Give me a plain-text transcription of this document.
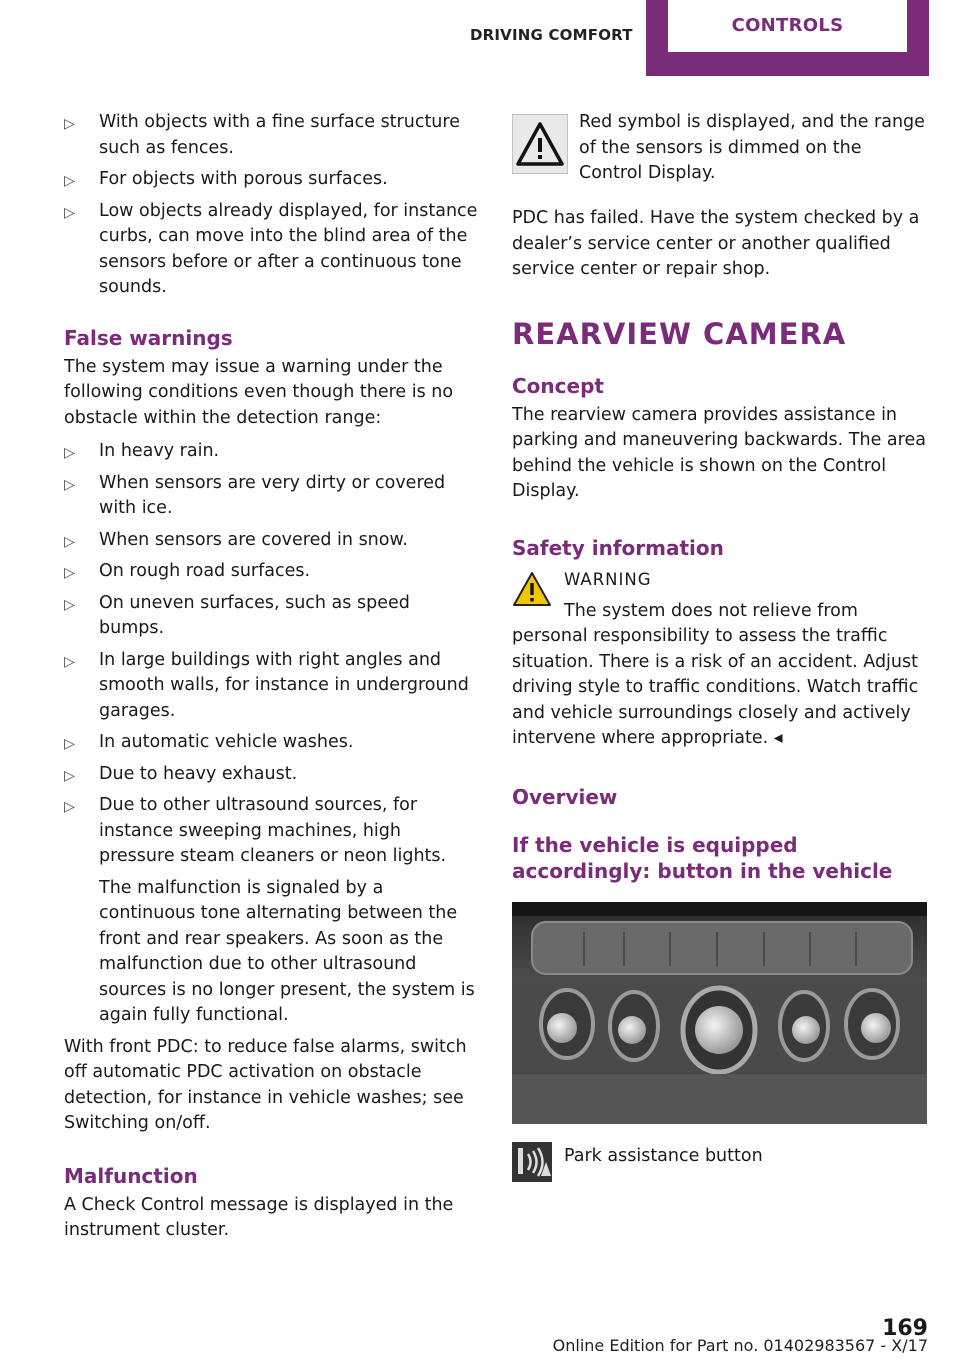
DRIVING COMFORT	CONTROLS
▷ With objects with a fine surface structure such as fences.
▷ For objects with porous surfaces.
▷ Low objects already displayed, for instance curbs, can move into the blind area of the sensors before or after a continuous tone sounds.
False warnings

The system may issue a warning under the following conditions even though there is no obstacle within the detection range:

▷ In heavy rain.
▷ When sensors are very dirty or covered with ice.
▷ When sensors are covered in snow.
▷ On rough road surfaces.
▷ On uneven surfaces, such as speed bumps.
▷ In large buildings with right angles and smooth walls, for instance in underground garages.
▷ In automatic vehicle washes.
▷ Due to heavy exhaust.
▷ Due to other ultrasound sources, for instance sweeping machines, high pressure steam cleaners or neon lights.
The malfunction is signaled by a continuous tone alternating between the front and rear speakers. As soon as the malfunction due to other ultrasound sources is no longer present, the system is again fully functional.

With front PDC: to reduce false alarms, switch off automatic PDC activation on obstacle detection, for instance in vehicle washes; see Switching on/off.

Malfunction

A Check Control message is displayed in the instrument cluster.

Red symbol is displayed, and the range of the sensors is dimmed on the Control Display.

PDC has failed. Have the system checked by a dealer’s service center or another qualified service center or repair shop.

REARVIEW CAMERA
Concept

The rearview camera provides assistance in parking and maneuvering backwards. The area behind the vehicle is shown on the Control Display.

Safety information
WARNING

The system does not relieve from personal responsibility to assess the traffic situation. There is a risk of an accident. Adjust driving style to traffic conditions. Watch traffic and vehicle surroundings closely and actively intervene where appropriate. ◂

Overview
If the vehicle is equipped accordingly: button in the vehicle

Park assistance button

169
Online Edition for Part no. 01402983567 - X/17
